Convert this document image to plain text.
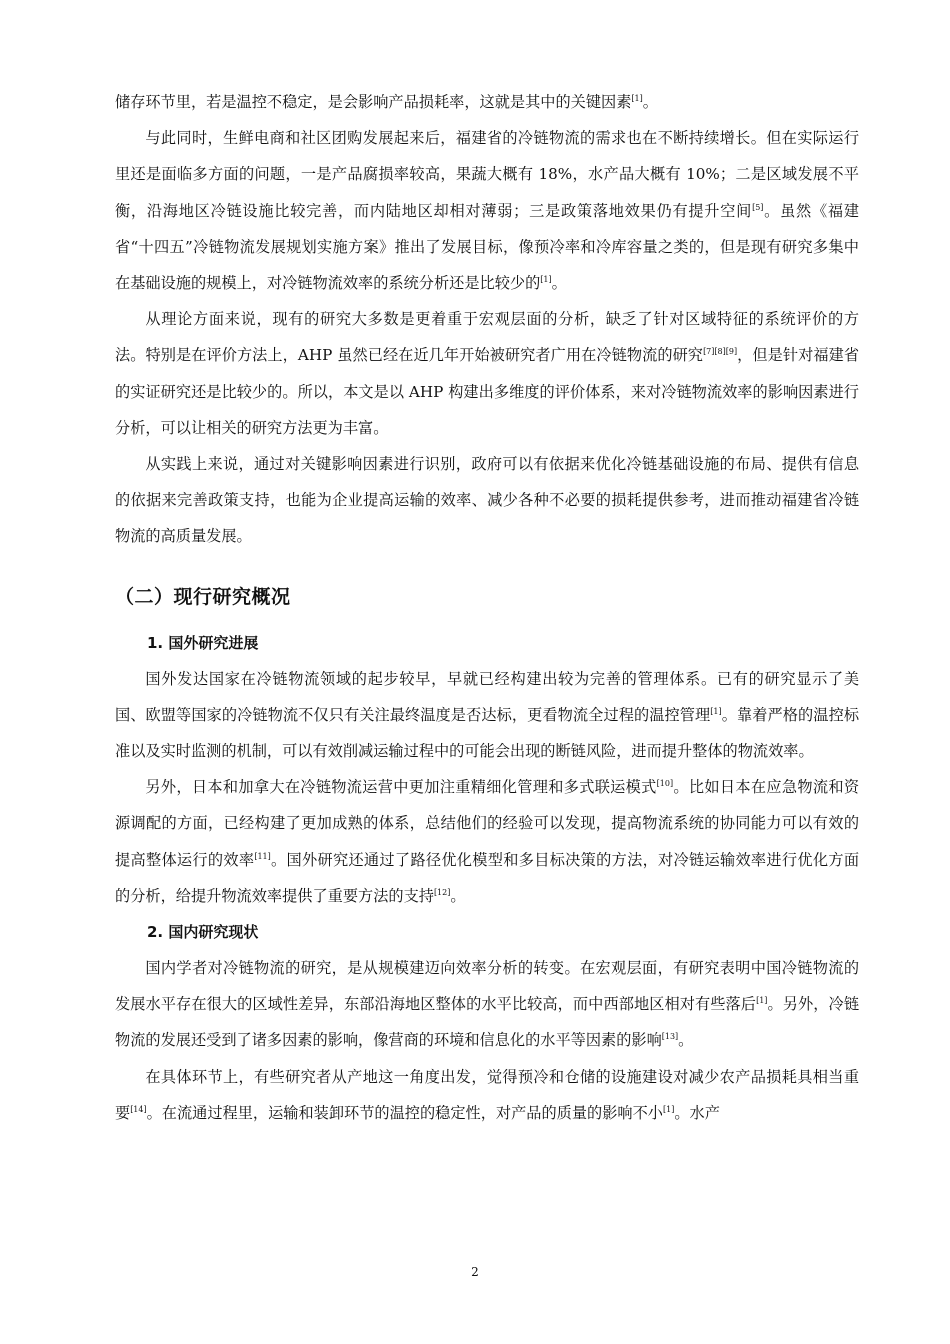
储存环节里，若是温控不稳定，是会影响产品损耗率，这就是其中的关键因素[1]。

与此同时，生鲜电商和社区团购发展起来后，福建省的冷链物流的需求也在不断持续增长。但在实际运行里还是面临多方面的问题，一是产品腐损率较高，果蔬大概有 18%，水产品大概有 10%；二是区域发展不平衡，沿海地区冷链设施比较完善，而内陆地区却相对薄弱；三是政策落地效果仍有提升空间[5]。虽然《福建省“十四五”冷链物流发展规划实施方案》推出了发展目标，像预冷率和冷库容量之类的，但是现有研究多集中在基础设施的规模上，对冷链物流效率的系统分析还是比较少的[1]。

从理论方面来说，现有的研究大多数是更着重于宏观层面的分析，缺乏了针对区域特征的系统评价的方法。特别是在评价方法上，AHP 虽然已经在近几年开始被研究者广用在冷链物流的研究[7][8][9]，但是针对福建省的实证研究还是比较少的。所以，本文是以 AHP 构建出多维度的评价体系，来对冷链物流效率的影响因素进行分析，可以让相关的研究方法更为丰富。

从实践上来说，通过对关键影响因素进行识别，政府可以有依据来优化冷链基础设施的布局、提供有信息的依据来完善政策支持，也能为企业提高运输的效率、减少各种不必要的损耗提供参考，进而推动福建省冷链物流的高质量发展。

（二）现行研究概况
1. 国外研究进展

国外发达国家在冷链物流领域的起步较早，早就已经构建出较为完善的管理体系。已有的研究显示了美国、欧盟等国家的冷链物流不仅只有关注最终温度是否达标，更看物流全过程的温控管理[1]。靠着严格的温控标准以及实时监测的机制，可以有效削减运输过程中的可能会出现的断链风险，进而提升整体的物流效率。

另外，日本和加拿大在冷链物流运营中更加注重精细化管理和多式联运模式[10]。比如日本在应急物流和资源调配的方面，已经构建了更加成熟的体系，总结他们的经验可以发现，提高物流系统的协同能力可以有效的提高整体运行的效率[11]。国外研究还通过了路径优化模型和多目标决策的方法，对冷链运输效率进行优化方面的分析，给提升物流效率提供了重要方法的支持[12]。

2. 国内研究现状

国内学者对冷链物流的研究，是从规模建迈向效率分析的转变。在宏观层面，有研究表明中国冷链物流的发展水平存在很大的区域性差异，东部沿海地区整体的水平比较高，而中西部地区相对有些落后[1]。另外，冷链物流的发展还受到了诸多因素的影响，像营商的环境和信息化的水平等因素的影响[13]。

在具体环节上，有些研究者从产地这一角度出发，觉得预冷和仓储的设施建设对减少农产品损耗具相当重要[14]。在流通过程里，运输和装卸环节的温控的稳定性，对产品的质量的影响不小[1]。水产

2
